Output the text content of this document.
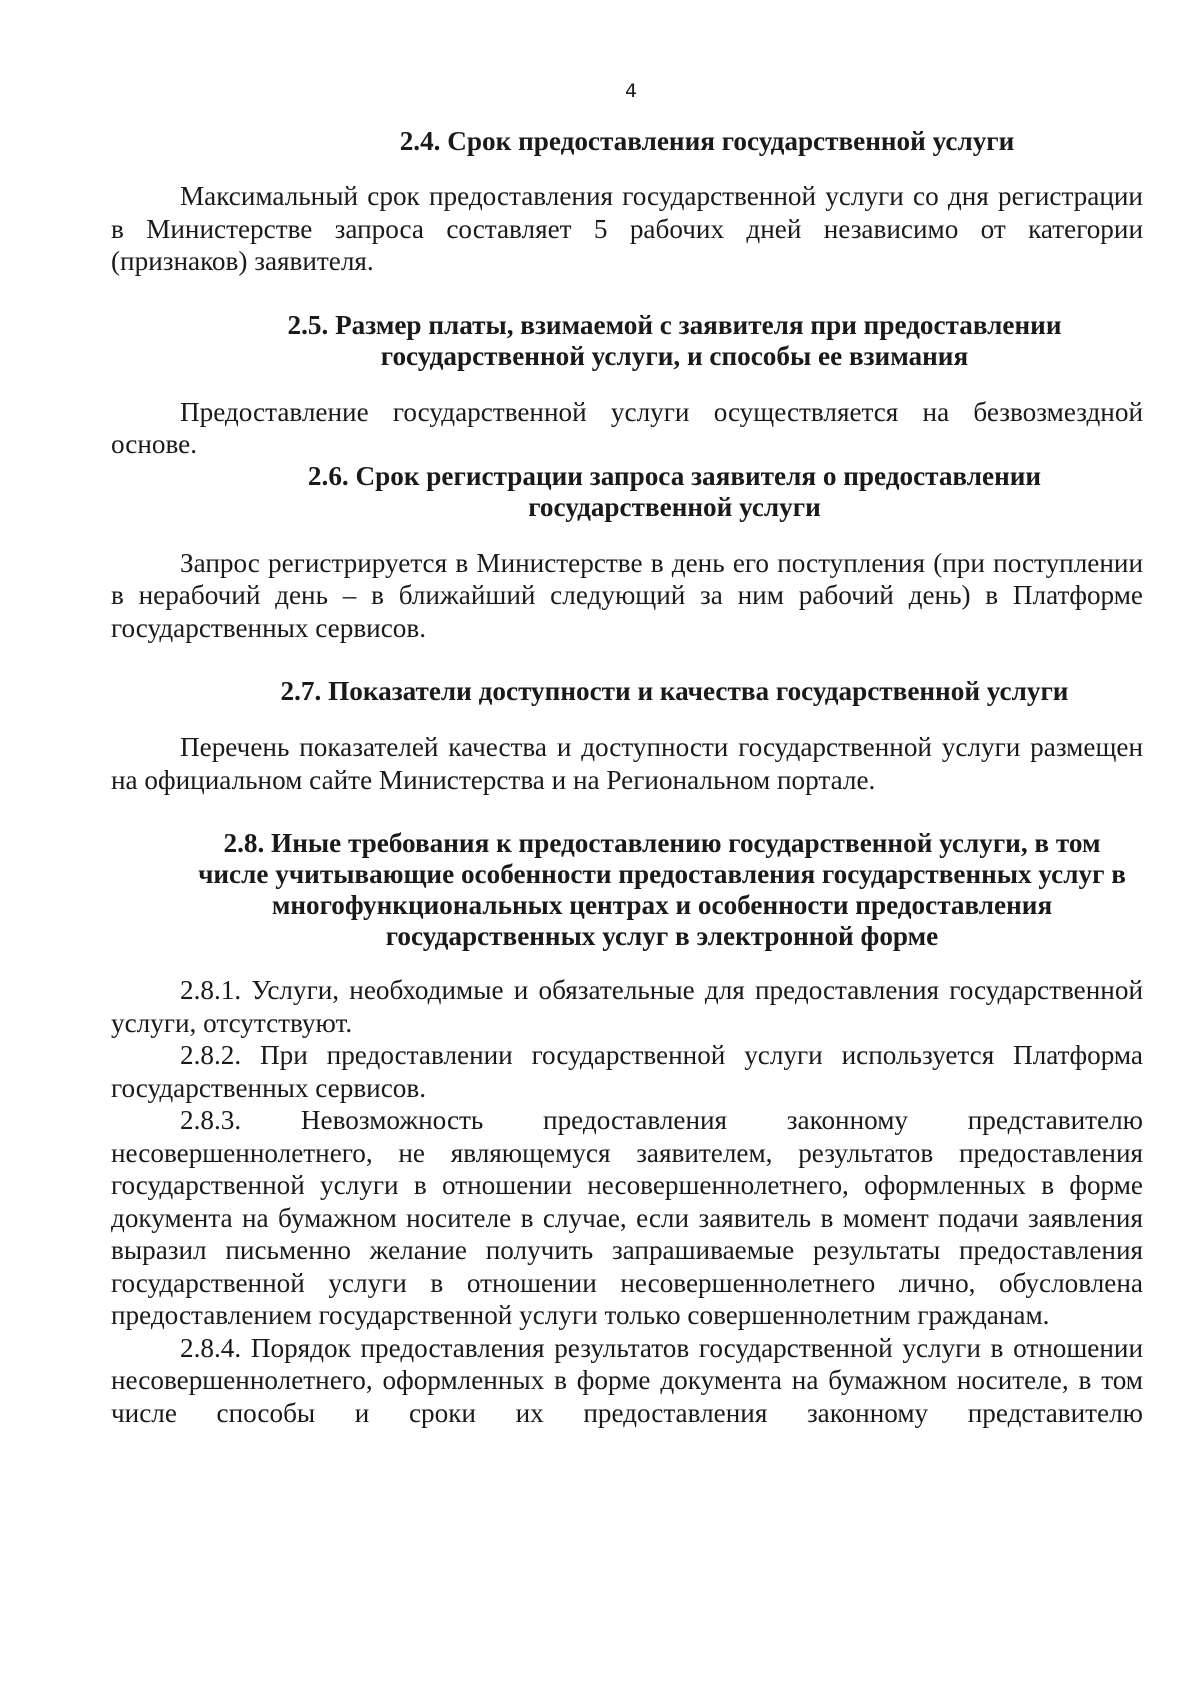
4
2.4. Срок предоставления государственной услуги

Максимальный срок предоставления государственной услуги со дня регистрации в Министерстве запроса составляет 5 рабочих дней независимо от категории (признаков) заявителя.

2.5. Размер платы, взимаемой с заявителя при предоставлении
государственной услуги, и способы ее взимания

Предоставление государственной услуги осуществляется на безвозмездной основе.

2.6. Срок регистрации запроса заявителя о предоставлении
государственной услуги

Запрос регистрируется в Министерстве в день его поступления (при поступлении в нерабочий день – в ближайший следующий за ним рабочий день) в Платформе государственных сервисов.

2.7. Показатели доступности и качества государственной услуги

Перечень показателей качества и доступности государственной услуги размещен на официальном сайте Министерства и на Региональном портале.

2.8. Иные требования к предоставлению государственной услуги, в том
числе учитывающие особенности предоставления государственных услуг в
многофункциональных центрах и особенности предоставления
государственных услуг в электронной форме

2.8.1. Услуги, необходимые и обязательные для предоставления государственной услуги, отсутствуют.

2.8.2. При предоставлении государственной услуги используется Платформа государственных сервисов.

2.8.3. Невозможность предоставления законному представителю несовершеннолетнего, не являющемуся заявителем, результатов предоставления государственной услуги в отношении несовершеннолетнего, оформленных в форме документа на бумажном носителе в случае, если заявитель в момент подачи заявления выразил письменно желание получить запрашиваемые результаты предоставления государственной услуги в отношении несовершеннолетнего лично, обусловлена предоставлением государственной услуги только совершеннолетним гражданам.

2.8.4. Порядок предоставления результатов государственной услуги в отношении несовершеннолетнего, оформленных в форме документа на бумажном носителе, в том числе способы и сроки их предоставления законному представителю
